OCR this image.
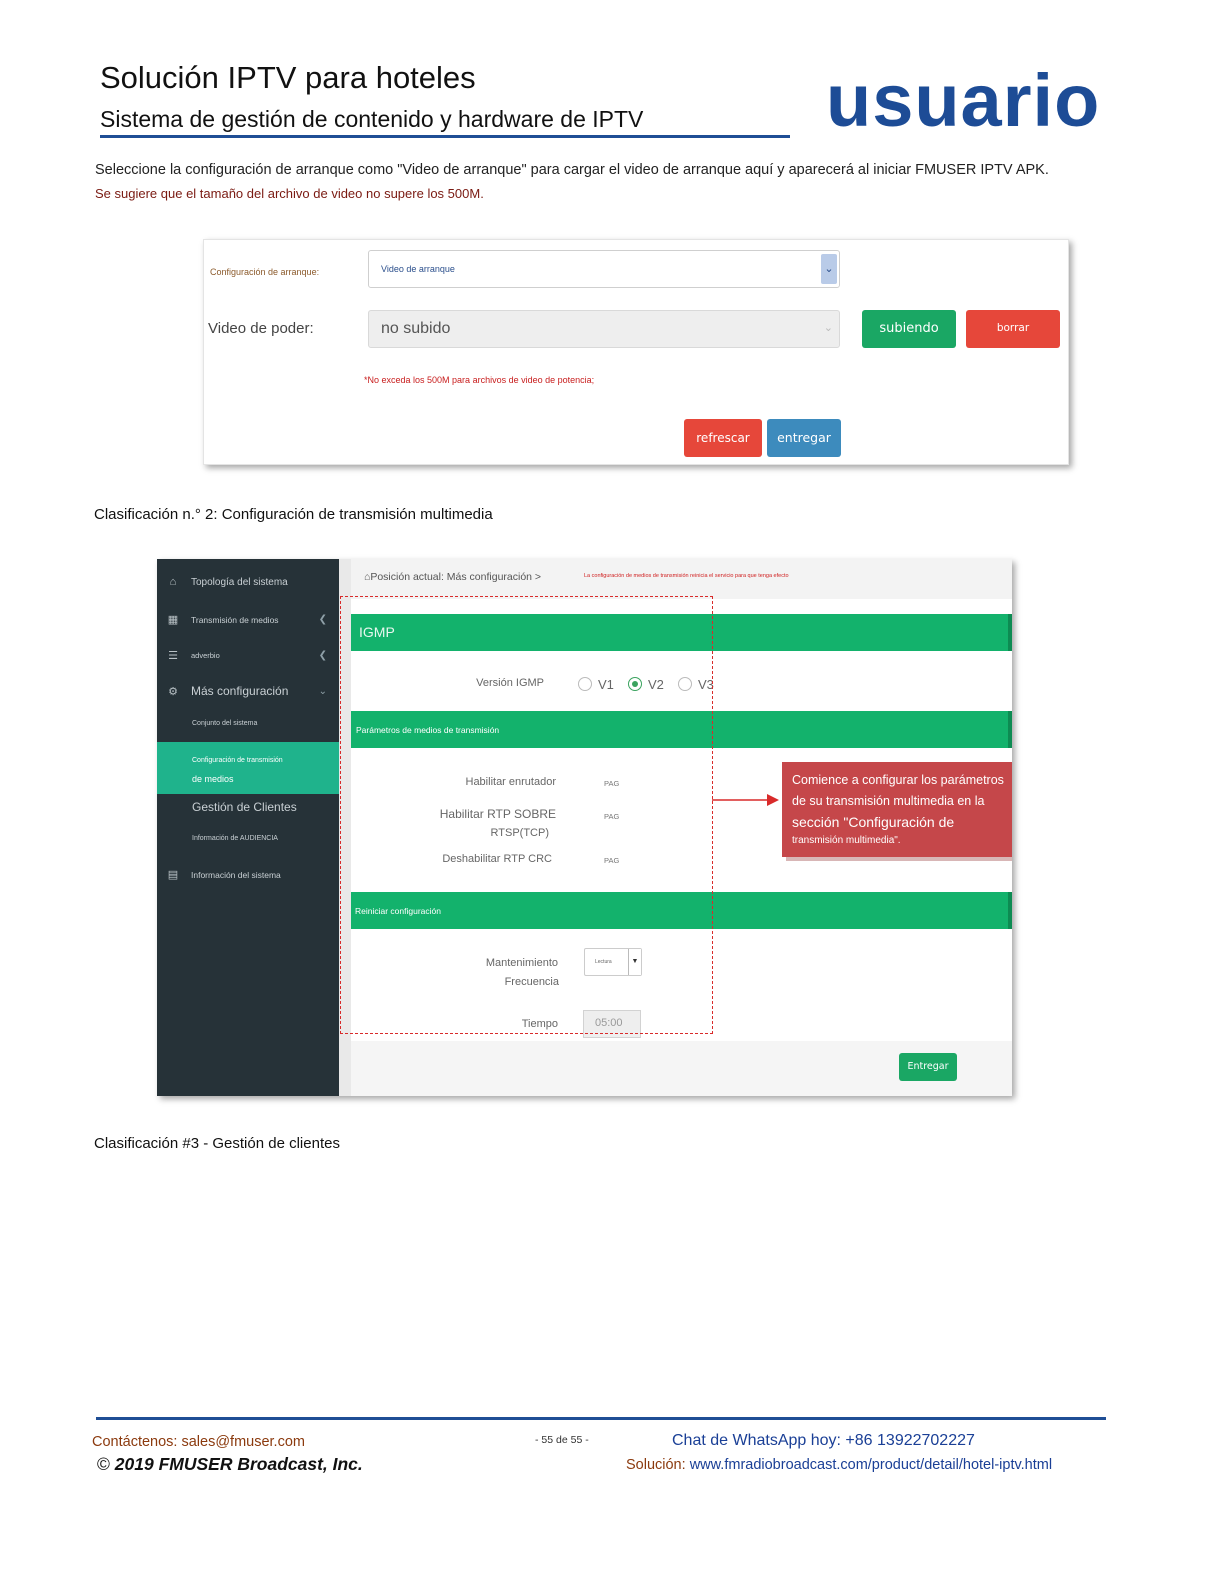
Solución IPTV para hoteles
Sistema de gestión de contenido y hardware de IPTV usuario
Seleccione la configuración de arranque como "Video de arranque" para cargar el video de arranque aquí y aparecerá al iniciar FMUSER IPTV APK.
Se sugiere que el tamaño del archivo de video no supere los 500M.
Configuración de arranque:	Video de arranque	⌄
Video de poder:	no subido	⌄	subiendo	borrar
*No exceda los 500M para archivos de video de potencia;
refrescar	entregar
Clasificación n.° 2: Configuración de transmisión multimedia
⌂	Topología del sistema
▦	Transmisión de medios	❮
☰	adverbio	❮
⚙ Más configuración	⌄
Conjunto del sistema
Configuración de transmisión
de medios
Gestión de Clientes
Información de AUDIENCIA
▤	Información del sistema
⌂Posición actual: Más configuración >	La configuración de medios de transmisión reinicia el servicio para que tenga efecto
IGMP
Versión IGMP	V1	V2	V3
Parámetros de medios de transmisión
Habilitar enrutador	PAG
Habilitar RTP SOBRE
RTSP(TCP)
PAG
Deshabilitar RTP CRC	PAG
Reiniciar configuración
Mantenimiento
Frecuencia
Lectura	▼
Tiempo	05:00
Entregar
Comience a configurar los parámetros
de su transmisión multimedia en la
sección "Configuración de
transmisión multimedia".
Clasificación #3 - Gestión de clientes
Contáctenos: sales@fmuser.com
© 2019 FMUSER Broadcast, Inc.
- 55 de 55 -	Chat de WhatsApp hoy: +86 13922702227
Solución: www.fmradiobroadcast.com/product/detail/hotel-iptv.html
